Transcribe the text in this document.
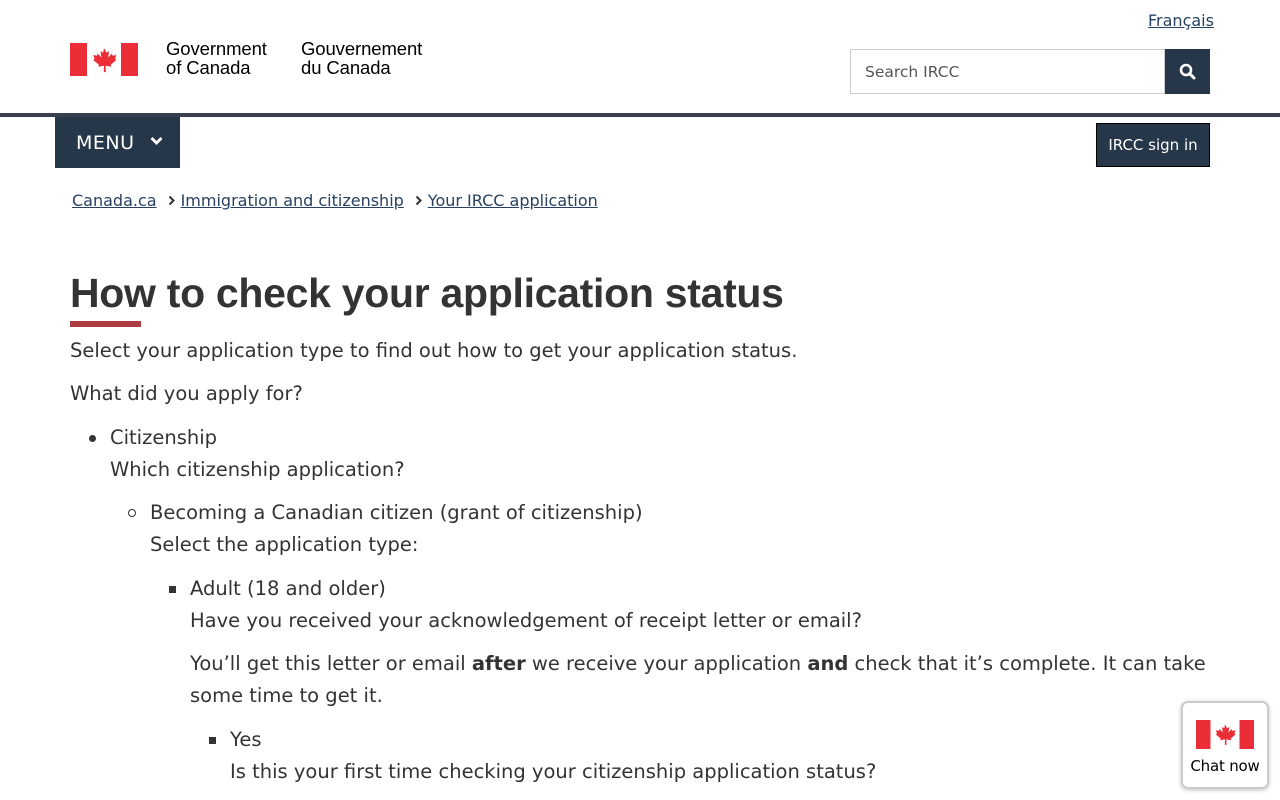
Français
Government
of Canada
Gouvernement
du Canada
Search IRCC
MENU	IRCC sign in
Canada.ca Immigration and citizenship Your IRCC application
How to check your application status

Select your application type to find out how to get your application status.

What did you apply for?

Citizenship

Which citizenship application?

Becoming a Canadian citizen (grant of citizenship)

Select the application type:

Adult (18 and older)

Have you received your acknowledgement of receipt letter or email?

You’ll get this letter or email after we receive your application and check that it’s complete. It can take some time to get it.

Yes

Is this your first time checking your citizenship application status?	Chat now
